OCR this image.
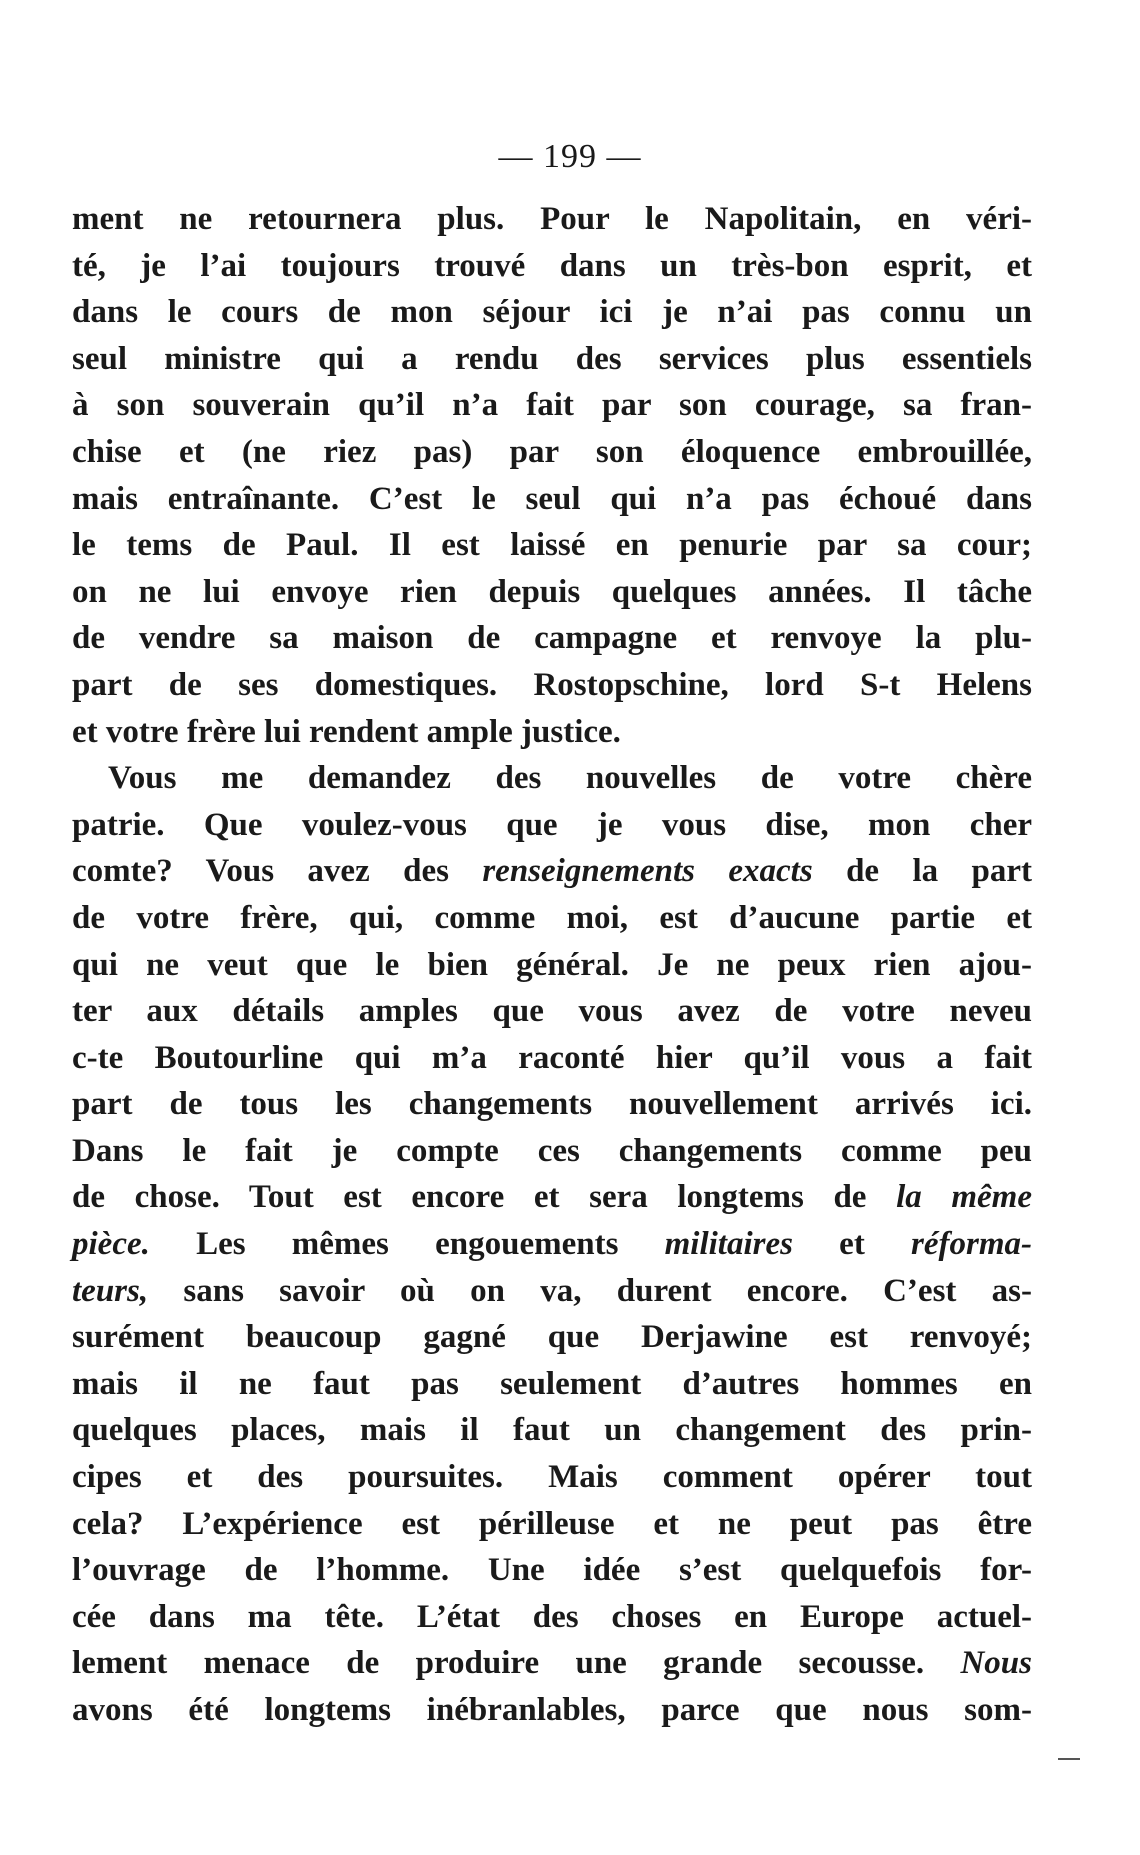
— 199 —
ment ne retournera plus. Pour le Napolitain, en véri-
té, je l’ai toujours trouvé dans un très-bon esprit, et
dans le cours de mon séjour ici je n’ai pas connu un
seul ministre qui a rendu des services plus essentiels
à son souverain qu’il n’a fait par son courage, sa fran-
chise et (ne riez pas) par son éloquence embrouillée,
mais entraînante. C’est le seul qui n’a pas échoué dans
le tems de Paul. Il est laissé en penurie par sa cour;
on ne lui envoye rien depuis quelques années. Il tâche
de vendre sa maison de campagne et renvoye la plu-
part de ses domestiques. Rostopschine, lord S-t Helens
et votre frère lui rendent ample justice.
Vous me demandez des nouvelles de votre chère
patrie. Que voulez-vous que je vous dise, mon cher
comte? Vous avez des renseignements exacts de la part
de votre frère, qui, comme moi, est d’aucune partie et
qui ne veut que le bien général. Je ne peux rien ajou-
ter aux détails amples que vous avez de votre neveu
c-te Boutourline qui m’a raconté hier qu’il vous a fait
part de tous les changements nouvellement arrivés ici.
Dans le fait je compte ces changements comme peu
de chose. Tout est encore et sera longtems de la même
pièce. Les mêmes engouements militaires et réforma-
teurs, sans savoir où on va, durent encore. C’est as-
surément beaucoup gagné que Derjawine est renvoyé;
mais il ne faut pas seulement d’autres hommes en
quelques places, mais il faut un changement des prin-
cipes et des poursuites. Mais comment opérer tout
cela? L’expérience est périlleuse et ne peut pas être
l’ouvrage de l’homme. Une idée s’est quelquefois for-
cée dans ma tête. L’état des choses en Europe actuel-
lement menace de produire une grande secousse. Nous
avons été longtems inébranlables, parce que nous som-
